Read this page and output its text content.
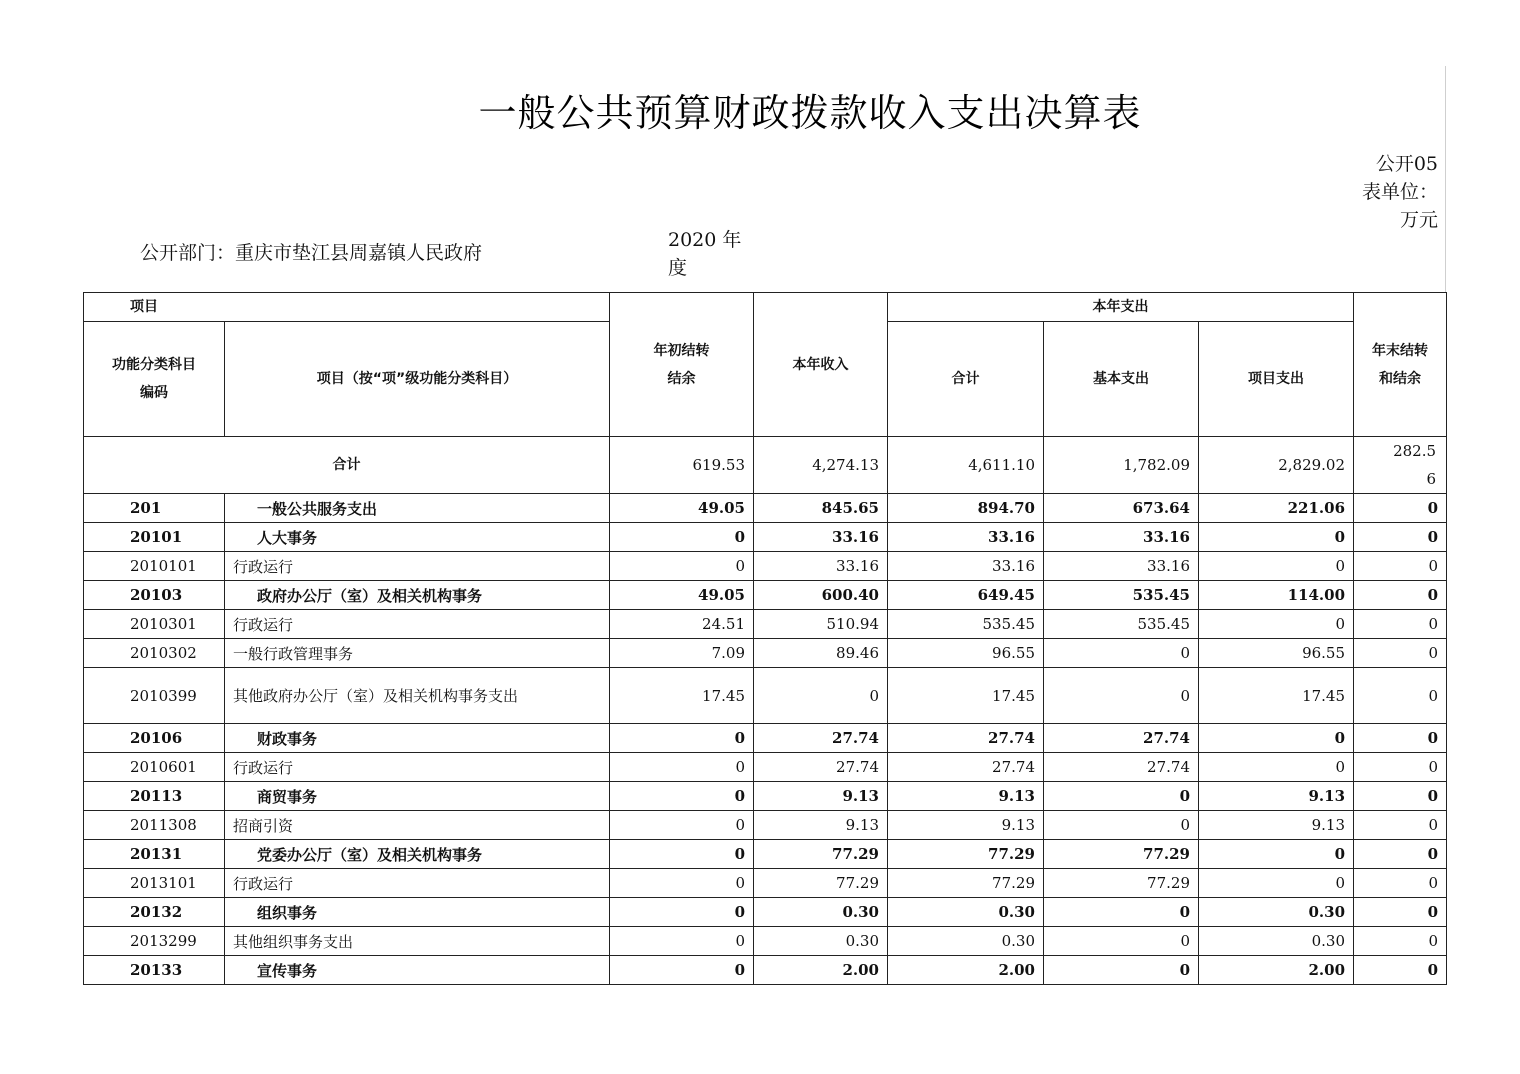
一般公共预算财政拨款收入支出决算表
公开部门：重庆市垫江县周嘉镇人民政府
2020 年度
公开05表单位：万元
项目		年初结转结余	本年收入	本年支出			年末结转和结余
功能分类科目编码	项目（按“项”级功能分类科目）			合计	基本支出	项目支出	
合计		619.53	4,274.13	4,611.10	1,782.09	2,829.02	282.56
201	一般公共服务支出	49.05	845.65	894.70	673.64	221.06	0
20101	人大事务	0	33.16	33.16	33.16	0	0
2010101	行政运行	0	33.16	33.16	33.16	0	0
20103	政府办公厅（室）及相关机构事务	49.05	600.40	649.45	535.45	114.00	0
2010301	行政运行	24.51	510.94	535.45	535.45	0	0
2010302	一般行政管理事务	7.09	89.46	96.55	0	96.55	0
2010399	其他政府办公厅（室）及相关机构事务支出	17.45	0	17.45	0	17.45	0
20106	财政事务	0	27.74	27.74	27.74	0	0
2010601	行政运行	0	27.74	27.74	27.74	0	0
20113	商贸事务	0	9.13	9.13	0	9.13	0
2011308	招商引资	0	9.13	9.13	0	9.13	0
20131	党委办公厅（室）及相关机构事务	0	77.29	77.29	77.29	0	0
2013101	行政运行	0	77.29	77.29	77.29	0	0
20132	组织事务	0	0.30	0.30	0	0.30	0
2013299	其他组织事务支出	0	0.30	0.30	0	0.30	0
20133	宣传事务	0	2.00	2.00	0	2.00	0
